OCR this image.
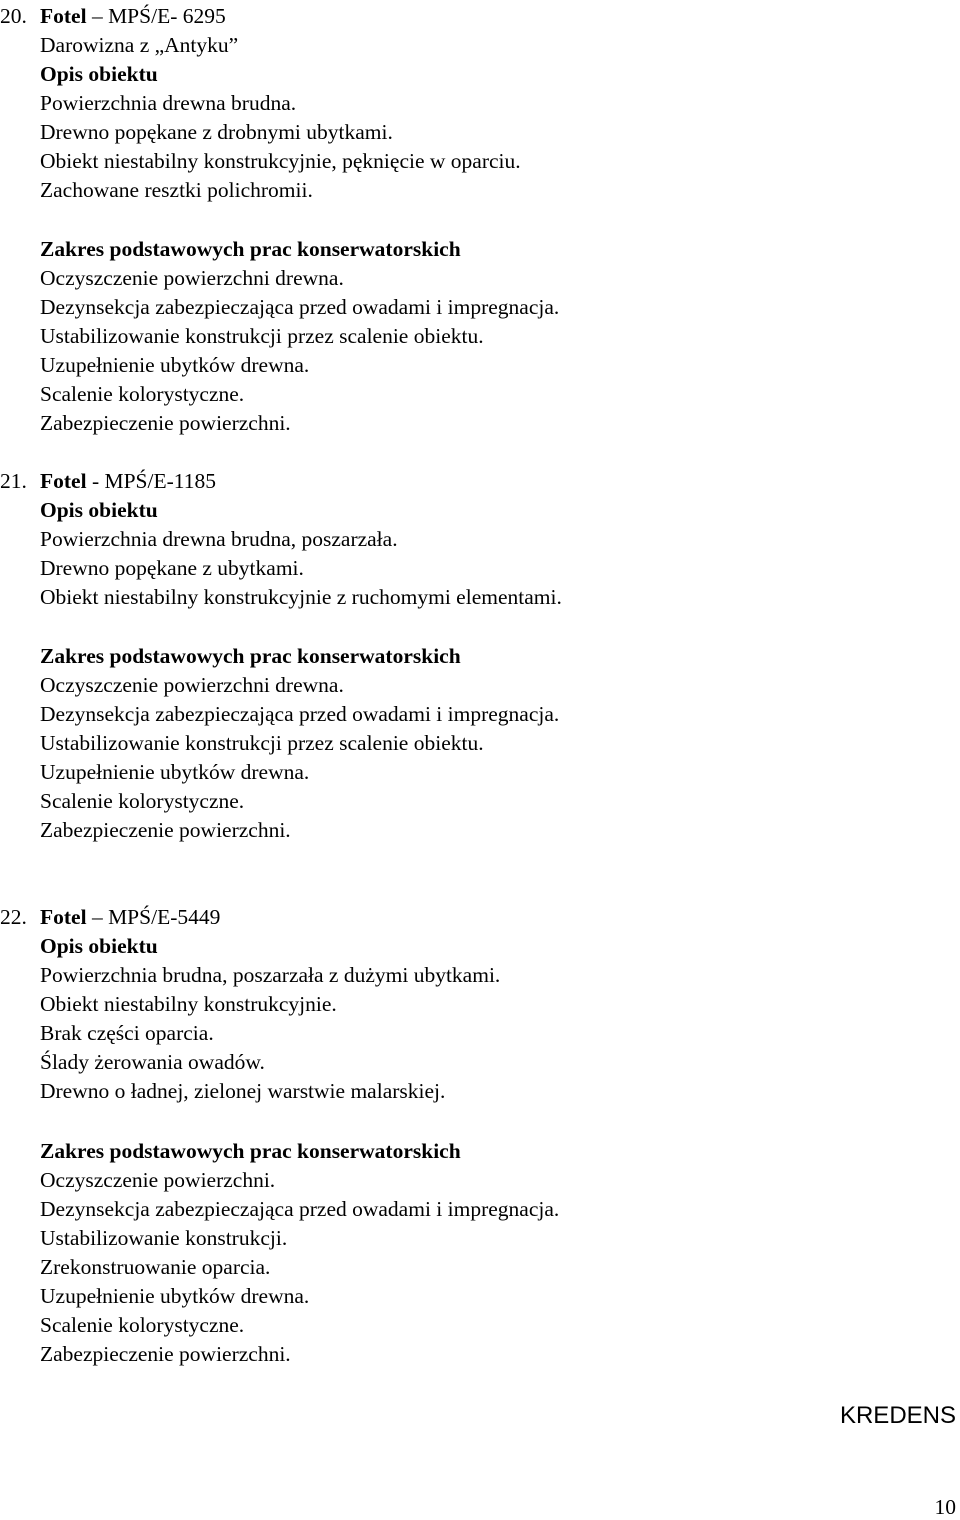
20. Fotel – MPŚ/E- 6295
Darowizna z „Antyku”
Opis obiektu
Powierzchnia drewna brudna.
Drewno popękane z drobnymi ubytkami.
Obiekt niestabilny konstrukcyjnie, pęknięcie w oparciu.
Zachowane resztki polichromii.
Zakres podstawowych prac konserwatorskich
Oczyszczenie powierzchni drewna.
Dezynsekcja zabezpieczająca przed owadami i impregnacja.
Ustabilizowanie konstrukcji przez scalenie obiektu.
Uzupełnienie ubytków drewna.
Scalenie kolorystyczne.
Zabezpieczenie powierzchni.
21. Fotel - MPŚ/E-1185
Opis obiektu
Powierzchnia drewna brudna, poszarzała.
Drewno popękane z ubytkami.
Obiekt niestabilny konstrukcyjnie z ruchomymi elementami.
Zakres podstawowych prac konserwatorskich
Oczyszczenie powierzchni drewna.
Dezynsekcja zabezpieczająca przed owadami i impregnacja.
Ustabilizowanie konstrukcji przez scalenie obiektu.
Uzupełnienie ubytków drewna.
Scalenie kolorystyczne.
Zabezpieczenie powierzchni.
22. Fotel – MPŚ/E-5449
Opis obiektu
Powierzchnia brudna, poszarzała z dużymi ubytkami.
Obiekt niestabilny konstrukcyjnie.
Brak części oparcia.
Ślady żerowania owadów.
Drewno o ładnej, zielonej warstwie malarskiej.
Zakres podstawowych prac konserwatorskich
Oczyszczenie powierzchni.
Dezynsekcja zabezpieczająca przed owadami i impregnacja.
Ustabilizowanie konstrukcji.
Zrekonstruowanie oparcia.
Uzupełnienie ubytków drewna.
Scalenie kolorystyczne.
Zabezpieczenie powierzchni.
KREDENS
10
